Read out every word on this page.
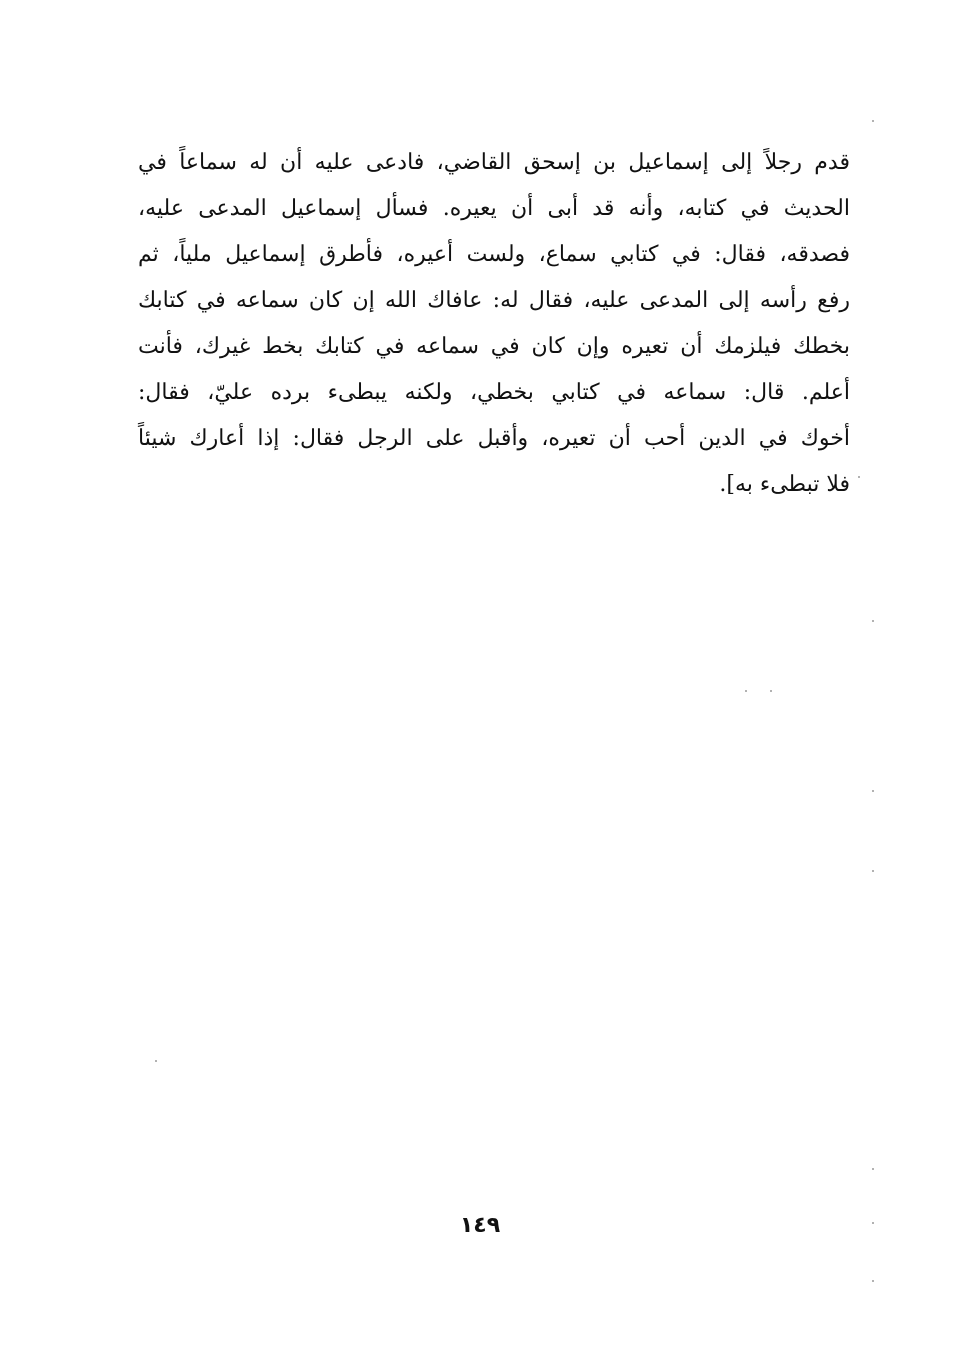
قدم رجلاً إلى إسماعيل بن إسحق القاضي، فادعى عليه أن له سماعاً في
الحديث في كتابه، وأنه قد أبى أن يعيره. فسأل إسماعيل المدعى عليه،
فصدقه، فقال: في كتابي سماع، ولست أعيره، فأطرق إسماعيل ملياً، ثم
رفع رأسه إلى المدعى عليه، فقال له: عافاك الله إن كان سماعه في كتابك
بخطك فيلزمك أن تعيره وإن كان في سماعه في كتابك بخط غيرك، فأنت
أعلم. قال: سماعه في كتابي بخطي، ولكنه يبطىء برده عليّ، فقال:
أخوك في الدين أحب أن تعيره، وأقبل على الرجل فقال: إذا أعارك شيئاً
فلا تبطىء به].
١٤٩
